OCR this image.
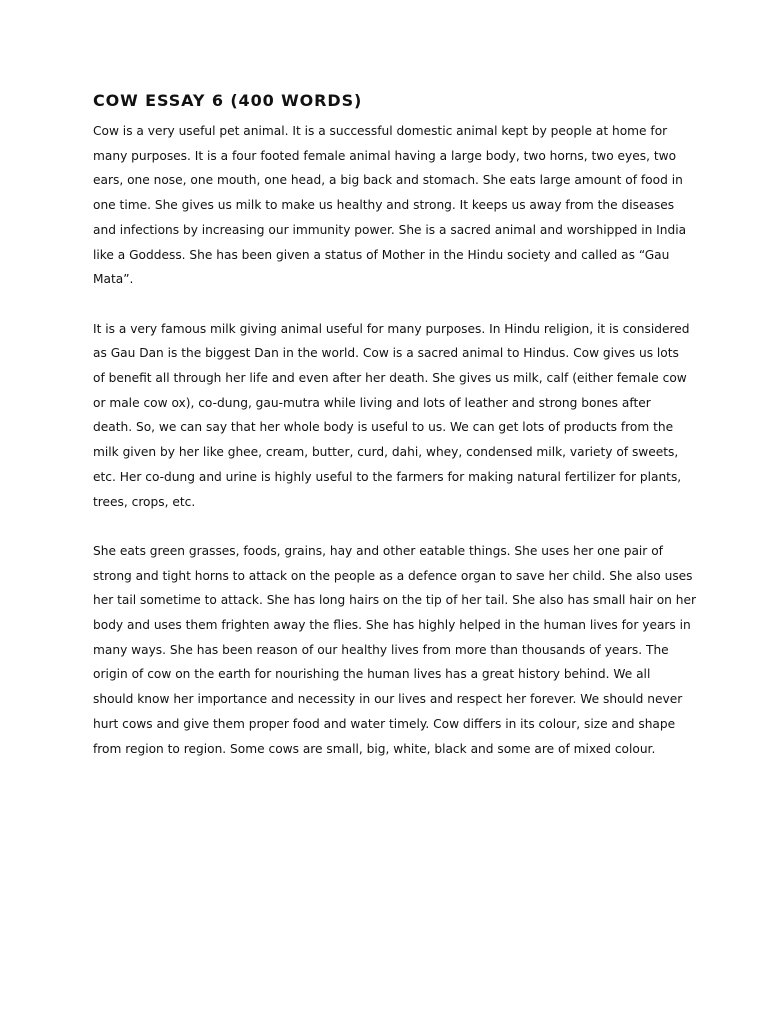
COW ESSAY 6 (400 WORDS)

Cow is a very useful pet animal. It is a successful domestic animal kept by people at home for
many purposes. It is a four footed female animal having a large body, two horns, two eyes, two
ears, one nose, one mouth, one head, a big back and stomach. She eats large amount of food in
one time. She gives us milk to make us healthy and strong. It keeps us away from the diseases
and infections by increasing our immunity power. She is a sacred animal and worshipped in India
like a Goddess. She has been given a status of Mother in the Hindu society and called as “Gau
Mata”.

It is a very famous milk giving animal useful for many purposes. In Hindu religion, it is considered
as Gau Dan is the biggest Dan in the world. Cow is a sacred animal to Hindus. Cow gives us lots
of benefit all through her life and even after her death. She gives us milk, calf (either female cow
or male cow ox), co-dung, gau-mutra while living and lots of leather and strong bones after
death. So, we can say that her whole body is useful to us. We can get lots of products from the
milk given by her like ghee, cream, butter, curd, dahi, whey, condensed milk, variety of sweets,
etc. Her co-dung and urine is highly useful to the farmers for making natural fertilizer for plants,
trees, crops, etc.

She eats green grasses, foods, grains, hay and other eatable things. She uses her one pair of
strong and tight horns to attack on the people as a defence organ to save her child. She also uses
her tail sometime to attack. She has long hairs on the tip of her tail. She also has small hair on her
body and uses them frighten away the flies. She has highly helped in the human lives for years in
many ways. She has been reason of our healthy lives from more than thousands of years. The
origin of cow on the earth for nourishing the human lives has a great history behind. We all
should know her importance and necessity in our lives and respect her forever. We should never
hurt cows and give them proper food and water timely. Cow differs in its colour, size and shape
from region to region. Some cows are small, big, white, black and some are of mixed colour.
